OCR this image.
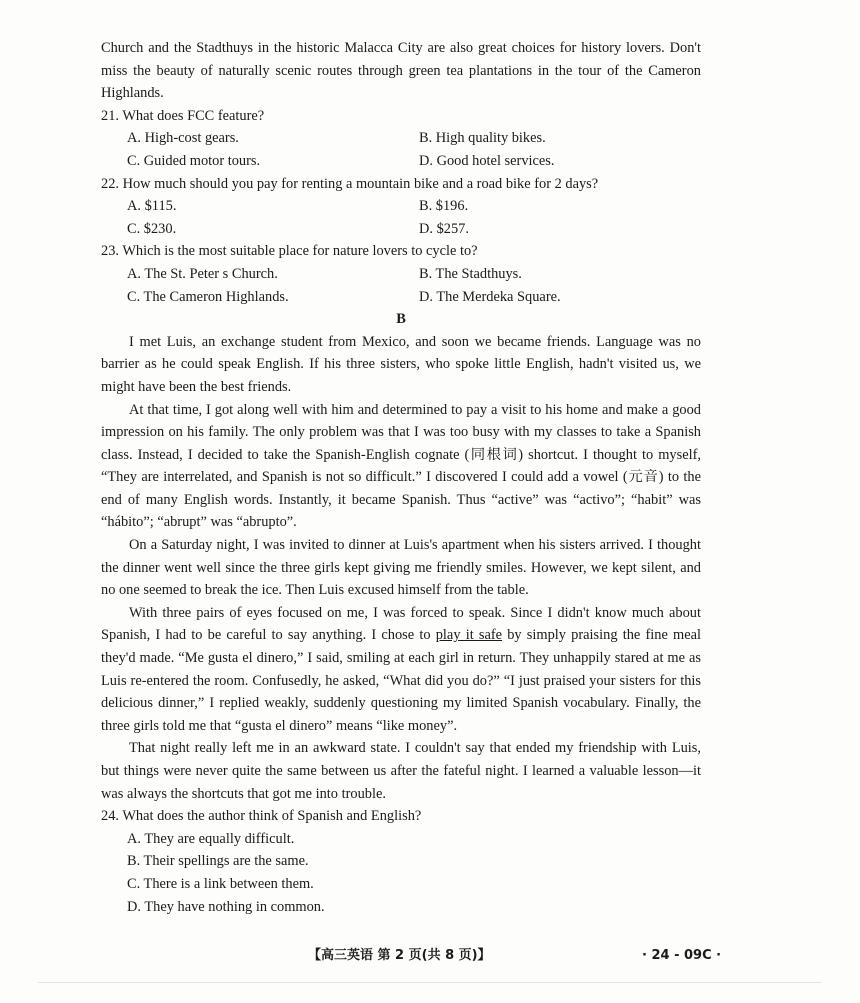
Church and the Stadthuys in the historic Malacca City are also great choices for history lovers. Don't miss the beauty of naturally scenic routes through green tea plantations in the tour of the Cameron Highlands.

21. What does FCC feature?

A. High-cost gears.	B. High quality bikes.
C. Guided motor tours.	D. Good hotel services.

22. How much should you pay for renting a mountain bike and a road bike for 2 days?

A. $115.	B. $196.
C. $230.	D. $257.

23. Which is the most suitable place for nature lovers to cycle to?

A. The St. Peter s Church.	B. The Stadthuys.
C. The Cameron Highlands.	D. The Merdeka Square.

B

I met Luis, an exchange student from Mexico, and soon we became friends. Language was no barrier as he could speak English. If his three sisters, who spoke little English, hadn't visited us, we might have been the best friends.

At that time, I got along well with him and determined to pay a visit to his home and make a good impression on his family. The only problem was that I was too busy with my classes to take a Spanish class. Instead, I decided to take the Spanish-English cognate (同根词) shortcut. I thought to myself, “They are interrelated, and Spanish is not so difficult.” I discovered I could add a vowel (元音) to the end of many English words. Instantly, it became Spanish. Thus “active” was “activo”; “habit” was “hábito”; “abrupt” was “abrupto”.

On a Saturday night, I was invited to dinner at Luis's apartment when his sisters arrived. I thought the dinner went well since the three girls kept giving me friendly smiles. However, we kept silent, and no one seemed to break the ice. Then Luis excused himself from the table.

With three pairs of eyes focused on me, I was forced to speak. Since I didn't know much about Spanish, I had to be careful to say anything. I chose to play it safe by simply praising the fine meal they'd made. “Me gusta el dinero,” I said, smiling at each girl in return. They unhappily stared at me as Luis re-entered the room. Confusedly, he asked, “What did you do?” “I just praised your sisters for this delicious dinner,” I replied weakly, suddenly questioning my limited Spanish vocabulary. Finally, the three girls told me that “gusta el dinero” means “like money”.

That night really left me in an awkward state. I couldn't say that ended my friendship with Luis, but things were never quite the same between us after the fateful night. I learned a valuable lesson—it was always the shortcuts that got me into trouble.

24. What does the author think of Spanish and English?

A. They are equally difficult.
B. Their spellings are the same.
C. There is a link between them.
D. They have nothing in common.
【高三英语 第 2 页(共 8 页)】	· 24 - 09C ·
